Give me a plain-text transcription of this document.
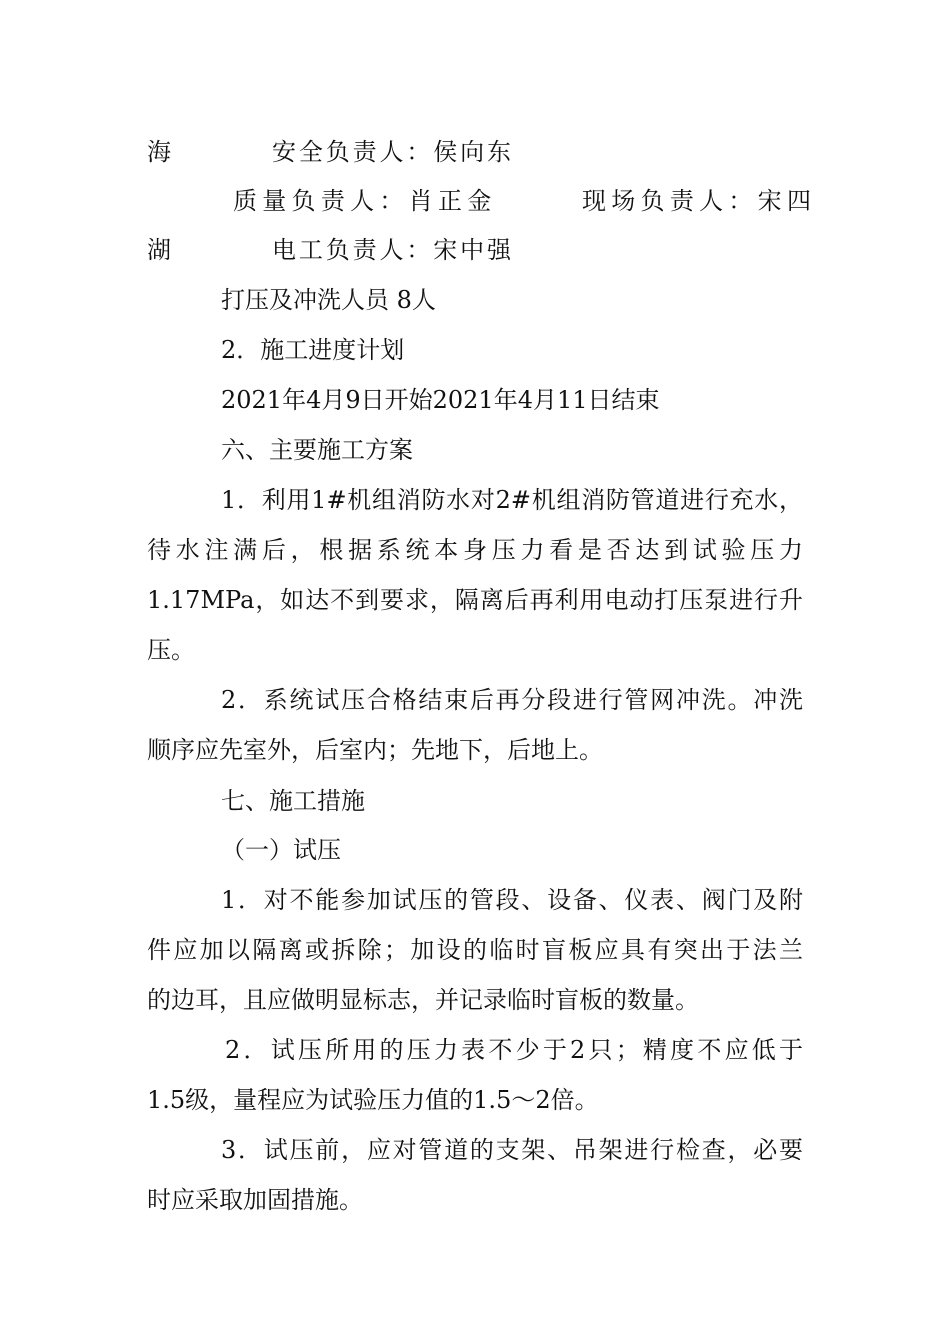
海	安全负责人：侯向东
质量负责人：肖正金	现场负责人：宋四
湖	电工负责人：宋中强
打压及冲洗人员 8人
2．施工进度计划
2021年4月9日开始2021年4月11日结束
六、主要施工方案
1．利用1#机组消防水对2#机组消防管道进行充水，
待水注满后，根据系统本身压力看是否达到试验压力
1.17MPa，如达不到要求，隔离后再利用电动打压泵进行升
压。
2．系统试压合格结束后再分段进行管网冲洗。冲洗
顺序应先室外，后室内；先地下，后地上。
七、施工措施
（一）试压
1．对不能参加试压的管段、设备、仪表、阀门及附
件应加以隔离或拆除；加设的临时盲板应具有突出于法兰
的边耳，且应做明显标志，并记录临时盲板的数量。
2．试压所用的压力表不少于2只；精度不应低于
1.5级，量程应为试验压力值的1.5～2倍。
3．试压前，应对管道的支架、吊架进行检查，必要
时应采取加固措施。
